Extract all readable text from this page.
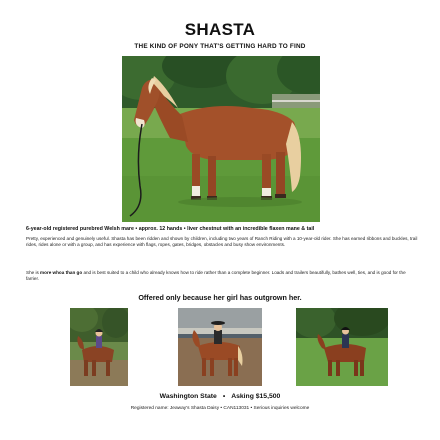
SHASTA
THE KIND OF PONY THAT'S GETTING HARD TO FIND
6-year-old registered purebred Welsh mare • approx. 12 hands • liver chestnut with an incredible flaxen mane & tail
Pretty, experienced and genuinely useful. Shasta has been ridden and shown by children, including two years of Ranch Riding with a 10-year-old rider. She has earned ribbons and buckles, trail rides, rides alone or with a group, and has experience with flags, ropes, gates, bridges, obstacles and busy show environments.
She is more whoa than go and is best suited to a child who already knows how to ride rather than a complete beginner. Loads and trailers beautifully, bathes well, ties, and is good for the farrier.
Offered only because her girl has outgrown her.
Washington State • Asking $15,500
Registered name: Jeaway's Shasta Daisy • CAN113031 • Serious inquiries welcome
